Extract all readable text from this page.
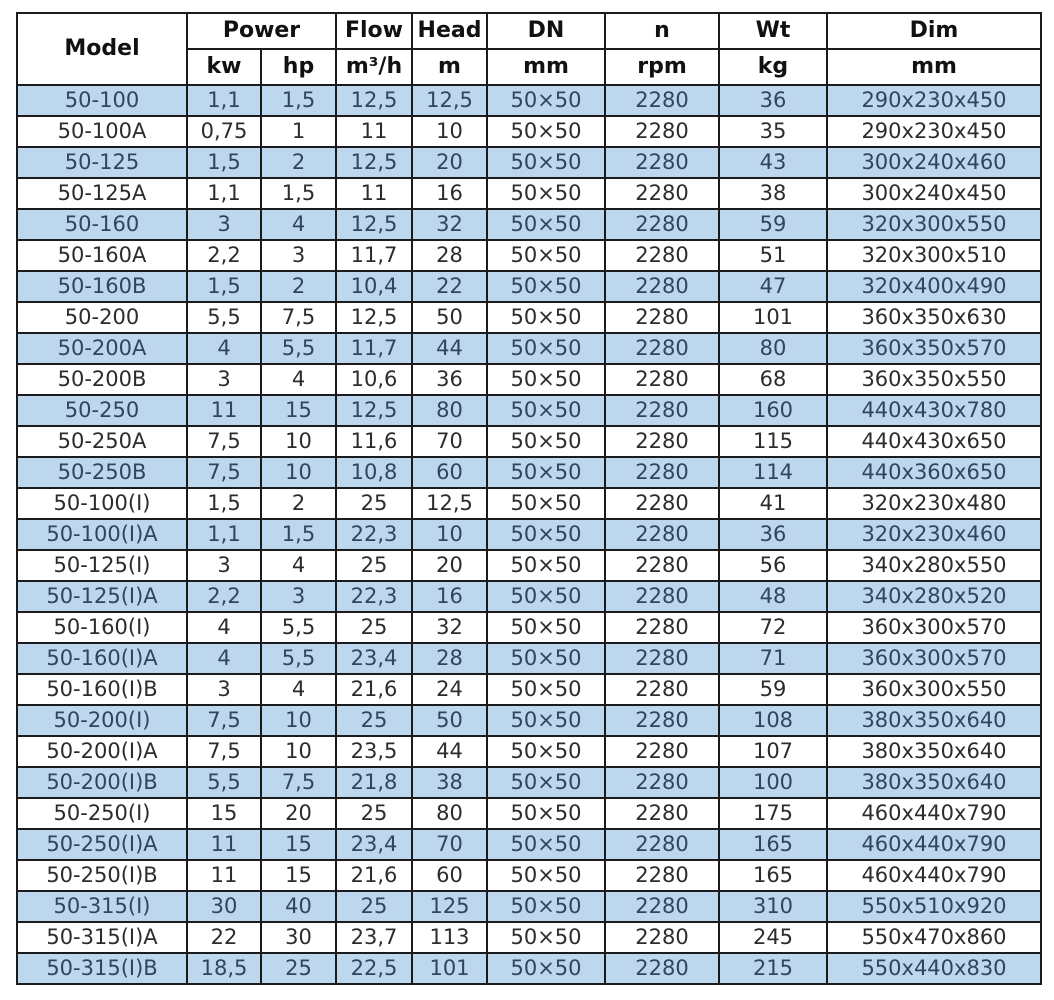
Model	Power		Flow	Head	DN	n	Wt	Dim
	kw	hp	m³/h	m	mm	rpm	kg	mm
50-100	1,1	1,5	12,5	12,5	50×50	2280	36	290x230x450
50-100A	0,75	1	11	10	50×50	2280	35	290x230x450
50-125	1,5	2	12,5	20	50×50	2280	43	300x240x460
50-125A	1,1	1,5	11	16	50×50	2280	38	300x240x450
50-160	3	4	12,5	32	50×50	2280	59	320x300x550
50-160A	2,2	3	11,7	28	50×50	2280	51	320x300x510
50-160B	1,5	2	10,4	22	50×50	2280	47	320x400x490
50-200	5,5	7,5	12,5	50	50×50	2280	101	360x350x630
50-200A	4	5,5	11,7	44	50×50	2280	80	360x350x570
50-200B	3	4	10,6	36	50×50	2280	68	360x350x550
50-250	11	15	12,5	80	50×50	2280	160	440x430x780
50-250A	7,5	10	11,6	70	50×50	2280	115	440x430x650
50-250B	7,5	10	10,8	60	50×50	2280	114	440x360x650
50-100(I)	1,5	2	25	12,5	50×50	2280	41	320x230x480
50-100(I)A	1,1	1,5	22,3	10	50×50	2280	36	320x230x460
50-125(I)	3	4	25	20	50×50	2280	56	340x280x550
50-125(I)A	2,2	3	22,3	16	50×50	2280	48	340x280x520
50-160(I)	4	5,5	25	32	50×50	2280	72	360x300x570
50-160(I)A	4	5,5	23,4	28	50×50	2280	71	360x300x570
50-160(I)B	3	4	21,6	24	50×50	2280	59	360x300x550
50-200(I)	7,5	10	25	50	50×50	2280	108	380x350x640
50-200(I)A	7,5	10	23,5	44	50×50	2280	107	380x350x640
50-200(I)B	5,5	7,5	21,8	38	50×50	2280	100	380x350x640
50-250(I)	15	20	25	80	50×50	2280	175	460x440x790
50-250(I)A	11	15	23,4	70	50×50	2280	165	460x440x790
50-250(I)B	11	15	21,6	60	50×50	2280	165	460x440x790
50-315(I)	30	40	25	125	50×50	2280	310	550x510x920
50-315(I)A	22	30	23,7	113	50×50	2280	245	550x470x860
50-315(I)B	18,5	25	22,5	101	50×50	2280	215	550x440x830
